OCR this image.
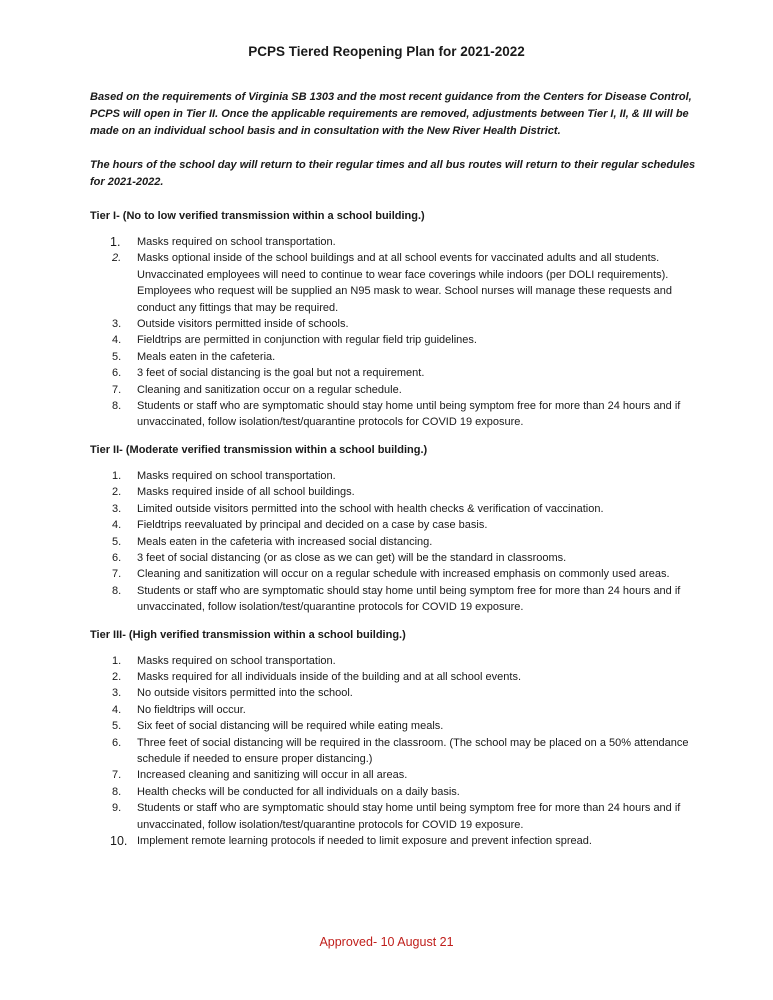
PCPS Tiered Reopening Plan for 2021-2022

Based on the requirements of Virginia SB 1303 and the most recent guidance from the Centers for Disease Control, PCPS will open in Tier II. Once the applicable requirements are removed, adjustments between Tier I, II, & III will be made on an individual school basis and in consultation with the New River Health District.

The hours of the school day will return to their regular times and all bus routes will return to their regular schedules for 2021-2022.

Tier I- (No to low verified transmission within a school building.)
1. Masks required on school transportation.
2. Masks optional inside of the school buildings and at all school events for vaccinated adults and all students. Unvaccinated employees will need to continue to wear face coverings while indoors (per DOLI requirements). Employees who request will be supplied an N95 mask to wear. School nurses will manage these requests and conduct any fittings that may be required.
3. Outside visitors permitted inside of schools.
4. Fieldtrips are permitted in conjunction with regular field trip guidelines.
5. Meals eaten in the cafeteria.
6. 3 feet of social distancing is the goal but not a requirement.
7. Cleaning and sanitization occur on a regular schedule.
8. Students or staff who are symptomatic should stay home until being symptom free for more than 24 hours and if unvaccinated, follow isolation/test/quarantine protocols for COVID 19 exposure.
Tier II- (Moderate verified transmission within a school building.)
1. Masks required on school transportation.
2. Masks required inside of all school buildings.
3. Limited outside visitors permitted into the school with health checks & verification of vaccination.
4. Fieldtrips reevaluated by principal and decided on a case by case basis.
5. Meals eaten in the cafeteria with increased social distancing.
6. 3 feet of social distancing (or as close as we can get) will be the standard in classrooms.
7. Cleaning and sanitization will occur on a regular schedule with increased emphasis on commonly used areas.
8. Students or staff who are symptomatic should stay home until being symptom free for more than 24 hours and if unvaccinated, follow isolation/test/quarantine protocols for COVID 19 exposure.
Tier III- (High verified transmission within a school building.)
1. Masks required on school transportation.
2. Masks required for all individuals inside of the building and at all school events.
3. No outside visitors permitted into the school.
4. No fieldtrips will occur.
5. Six feet of social distancing will be required while eating meals.
6. Three feet of social distancing will be required in the classroom. (The school may be placed on a 50% attendance schedule if needed to ensure proper distancing.)
7. Increased cleaning and sanitizing will occur in all areas.
8. Health checks will be conducted for all individuals on a daily basis.
9. Students or staff who are symptomatic should stay home until being symptom free for more than 24 hours and if unvaccinated, follow isolation/test/quarantine protocols for COVID 19 exposure.
10. Implement remote learning protocols if needed to limit exposure and prevent infection spread.
Approved- 10 August 21
